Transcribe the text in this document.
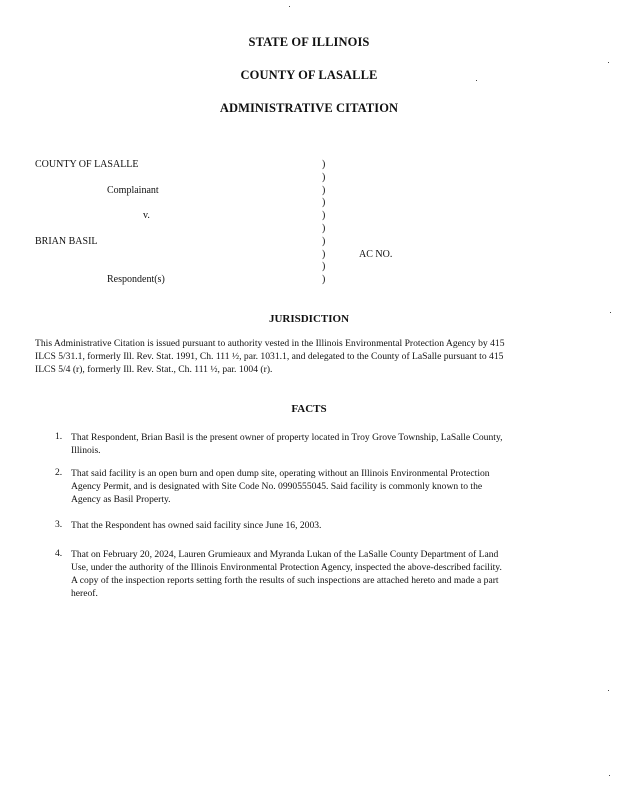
STATE OF ILLINOIS
COUNTY OF LASALLE
ADMINISTRATIVE CITATION
COUNTY OF LASALLE
Complainant
v.
BRIAN BASIL
Respondent(s)
AC NO.
)
)
)
)
)
)
)
)
)
)
JURISDICTION
This Administrative Citation is issued pursuant to authority vested in the Illinois Environmental Protection Agency by 415
ILCS 5/31.1, formerly Ill. Rev. Stat. 1991, Ch. 111 ½, par. 1031.1, and delegated to the County of LaSalle pursuant to 415
ILCS 5/4 (r), formerly Ill. Rev. Stat., Ch. 111 ½, par. 1004 (r).
FACTS
1. That Respondent, Brian Basil is the present owner of property located in Troy Grove Township, LaSalle County,
Illinois.
2. That said facility is an open burn and open dump site, operating without an Illinois Environmental Protection
Agency Permit, and is designated with Site Code No. 0990555045. Said facility is commonly known to the
Agency as Basil Property.
3. That the Respondent has owned said facility since June 16, 2003.
4. That on February 20, 2024, Lauren Grumieaux and Myranda Lukan of the LaSalle County Department of Land
Use, under the authority of the Illinois Environmental Protection Agency, inspected the above-described facility.
A copy of the inspection reports setting forth the results of such inspections are attached hereto and made a part
hereof.
